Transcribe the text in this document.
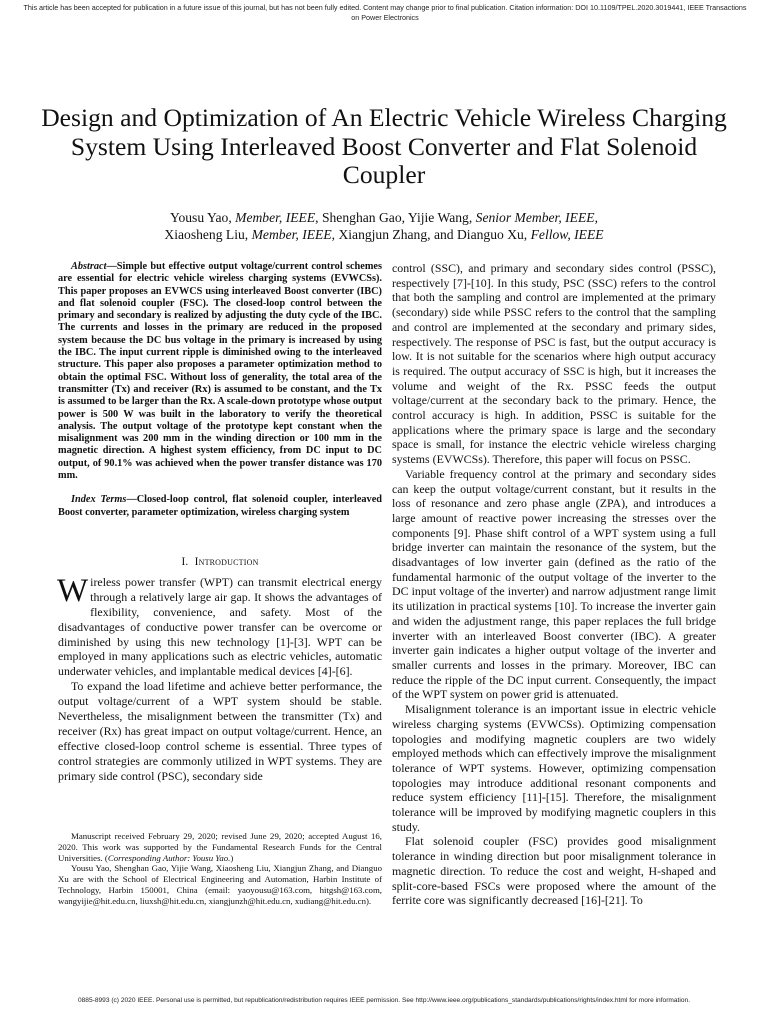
This article has been accepted for publication in a future issue of this journal, but has not been fully edited. Content may change prior to final publication. Citation information: DOI 10.1109/TPEL.2020.3019441, IEEE Transactions on Power Electronics
Design and Optimization of An Electric Vehicle Wireless Charging System Using Interleaved Boost Converter and Flat Solenoid Coupler
Yousu Yao, Member, IEEE, Shenghan Gao, Yijie Wang, Senior Member, IEEE,
Xiaosheng Liu, Member, IEEE, Xiangjun Zhang, and Dianguo Xu, Fellow, IEEE

Abstract—Simple but effective output voltage/current control schemes are essential for electric vehicle wireless charging systems (EVWCSs). This paper proposes an EVWCS using interleaved Boost converter (IBC) and flat solenoid coupler (FSC). The closed-loop control between the primary and secondary is realized by adjusting the duty cycle of the IBC. The currents and losses in the primary are reduced in the proposed system because the DC bus voltage in the primary is increased by using the IBC. The input current ripple is diminished owing to the interleaved structure. This paper also proposes a parameter optimization method to obtain the optimal FSC. Without loss of generality, the total area of the transmitter (Tx) and receiver (Rx) is assumed to be constant, and the Tx is assumed to be larger than the Rx. A scale-down prototype whose output power is 500 W was built in the laboratory to verify the theoretical analysis. The output voltage of the prototype kept constant when the misalignment was 200 mm in the winding direction or 100 mm in the magnetic direction. A highest system efficiency, from DC input to DC output, of 90.1% was achieved when the power transfer distance was 170 mm.

Index Terms—Closed-loop control, flat solenoid coupler, interleaved Boost converter, parameter optimization, wireless charging system

I. Introduction

Wireless power transfer (WPT) can transmit electrical energy through a relatively large air gap. It shows the advantages of flexibility, convenience, and safety. Most of the disadvantages of conductive power transfer can be overcome or diminished by using this new technology [1]-[3]. WPT can be employed in many applications such as electric vehicles, automatic underwater vehicles, and implantable medical devices [4]-[6].

To expand the load lifetime and achieve better performance, the output voltage/current of a WPT system should be stable. Nevertheless, the misalignment between the transmitter (Tx) and receiver (Rx) has great impact on output voltage/current. Hence, an effective closed-loop control scheme is essential. Three types of control strategies are commonly utilized in WPT systems. They are primary side control (PSC), secondary side

Manuscript received February 29, 2020; revised June 29, 2020; accepted August 16, 2020. This work was supported by the Fundamental Research Funds for the Central Universities. (Corresponding Author: Yousu Yao.)

Yousu Yao, Shenghan Gao, Yijie Wang, Xiaosheng Liu, Xiangjun Zhang, and Dianguo Xu are with the School of Electrical Engineering and Automation, Harbin Institute of Technology, Harbin 150001, China (email: yaoyousu@163.com, hitgsh@163.com, wangyijie@hit.edu.cn, liuxsh@hit.edu.cn, xiangjunzh@hit.edu.cn, xudiang@hit.edu.cn).

control (SSC), and primary and secondary sides control (PSSC), respectively [7]-[10]. In this study, PSC (SSC) refers to the control that both the sampling and control are implemented at the primary (secondary) side while PSSC refers to the control that the sampling and control are implemented at the secondary and primary sides, respectively. The response of PSC is fast, but the output accuracy is low. It is not suitable for the scenarios where high output accuracy is required. The output accuracy of SSC is high, but it increases the volume and weight of the Rx. PSSC feeds the output voltage/current at the secondary back to the primary. Hence, the control accuracy is high. In addition, PSSC is suitable for the applications where the primary space is large and the secondary space is small, for instance the electric vehicle wireless charging systems (EVWCSs). Therefore, this paper will focus on PSSC.

Variable frequency control at the primary and secondary sides can keep the output voltage/current constant, but it results in the loss of resonance and zero phase angle (ZPA), and introduces a large amount of reactive power increasing the stresses over the components [9]. Phase shift control of a WPT system using a full bridge inverter can maintain the resonance of the system, but the disadvantages of low inverter gain (defined as the ratio of the fundamental harmonic of the output voltage of the inverter to the DC input voltage of the inverter) and narrow adjustment range limit its utilization in practical systems [10]. To increase the inverter gain and widen the adjustment range, this paper replaces the full bridge inverter with an interleaved Boost converter (IBC). A greater inverter gain indicates a higher output voltage of the inverter and smaller currents and losses in the primary. Moreover, IBC can reduce the ripple of the DC input current. Consequently, the impact of the WPT system on power grid is attenuated.

Misalignment tolerance is an important issue in electric vehicle wireless charging systems (EVWCSs). Optimizing compensation topologies and modifying magnetic couplers are two widely employed methods which can effectively improve the misalignment tolerance of WPT systems. However, optimizing compensation topologies may introduce additional resonant components and reduce system efficiency [11]-[15]. Therefore, the misalignment tolerance will be improved by modifying magnetic couplers in this study.

Flat solenoid coupler (FSC) provides good misalignment tolerance in winding direction but poor misalignment tolerance in magnetic direction. To reduce the cost and weight, H-shaped and split-core-based FSCs were proposed where the amount of the ferrite core was significantly decreased [16]-[21]. To

0885-8993 (c) 2020 IEEE. Personal use is permitted, but republication/redistribution requires IEEE permission. See http://www.ieee.org/publications_standards/publications/rights/index.html for more information.
